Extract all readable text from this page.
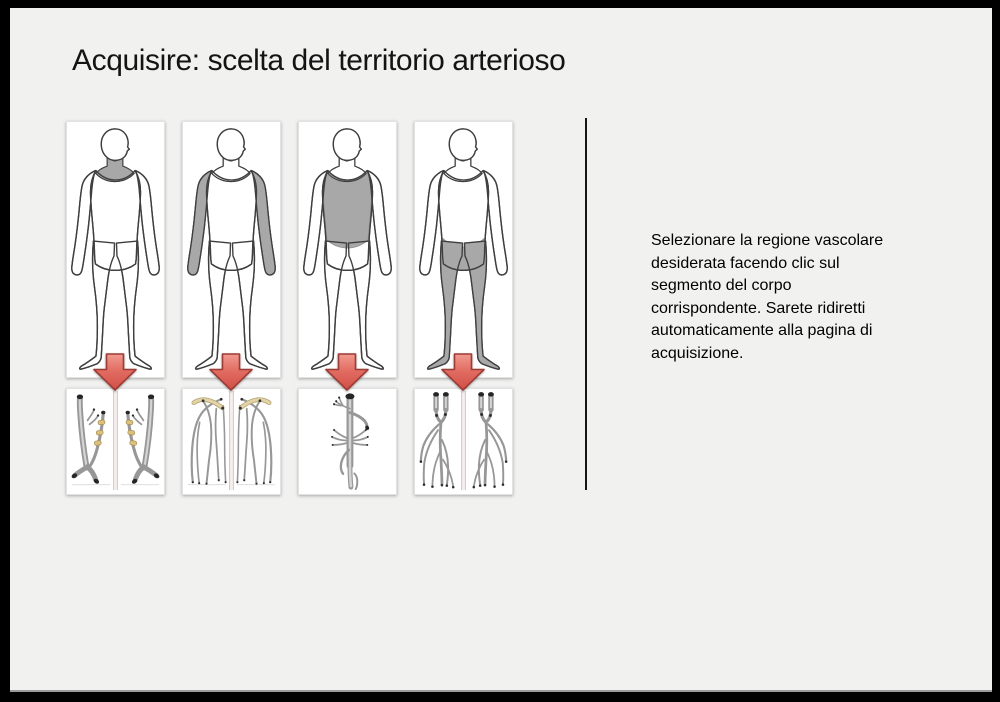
Acquisire: scelta del territorio arterioso
Selezionare la regione vascolare desiderata facendo clic sul segmento del corpo corrispondente. Sarete ridiretti automaticamente alla pagina di acquisizione.
